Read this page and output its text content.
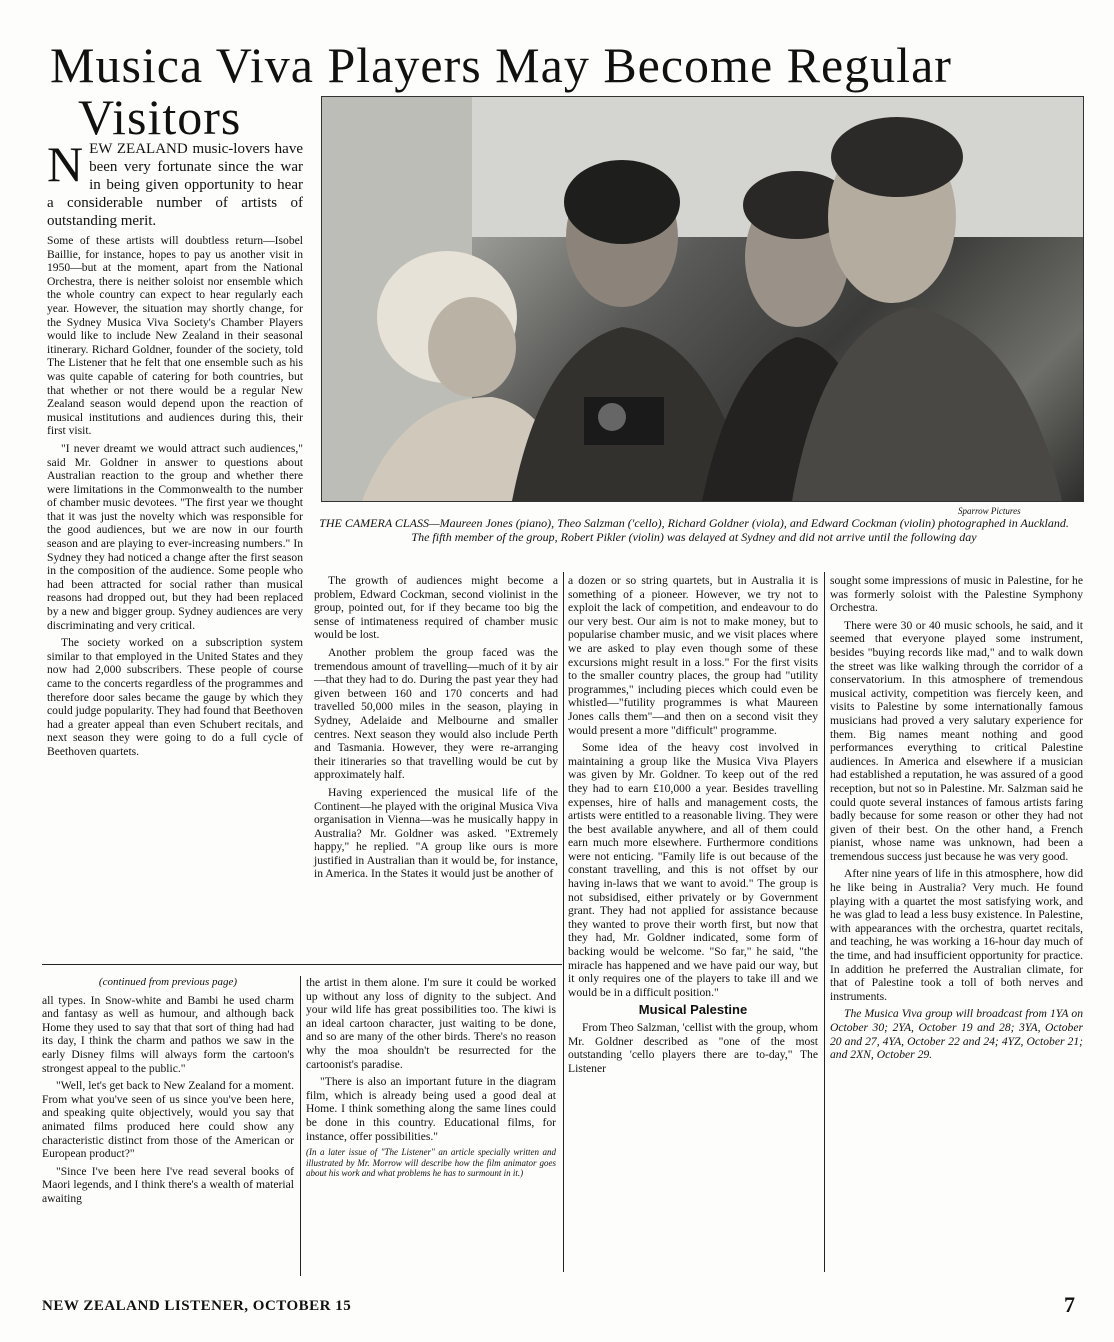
Musica Viva Players May Become Regular
Visitors
Sparrow Pictures
THE CAMERA CLASS—Maureen Jones (piano), Theo Salzman ('cello), Richard Goldner (viola), and Edward Cockman (violin) photographed in Auckland. The fifth member of the group, Robert Pikler (violin) was delayed at Sydney and did not arrive until the following day

NEW ZEALAND music-lovers have been very fortunate since the war in being given opportunity to hear a considerable number of artists of outstanding merit.

Some of these artists will doubtless return—Isobel Baillie, for instance, hopes to pay us another visit in 1950—but at the moment, apart from the National Orchestra, there is neither soloist nor ensemble which the whole country can expect to hear regularly each year. However, the situation may shortly change, for the Sydney Musica Viva Society's Chamber Players would like to include New Zealand in their seasonal itinerary. Richard Goldner, founder of the society, told The Listener that he felt that one ensemble such as his was quite capable of catering for both countries, but that whether or not there would be a regular New Zealand season would depend upon the reaction of musical institutions and audiences during this, their first visit.

"I never dreamt we would attract such audiences," said Mr. Goldner in answer to questions about Australian reaction to the group and whether there were limitations in the Commonwealth to the number of chamber music devotees. "The first year we thought that it was just the novelty which was responsible for the good audiences, but we are now in our fourth season and are playing to ever-increasing numbers." In Sydney they had noticed a change after the first season in the composition of the audience. Some people who had been attracted for social rather than musical reasons had dropped out, but they had been replaced by a new and bigger group. Sydney audiences are very discriminating and very critical.

The society worked on a subscription system similar to that employed in the United States and they now had 2,000 subscribers. These people of course came to the concerts regardless of the programmes and therefore door sales became the gauge by which they could judge popularity. They had found that Beethoven had a greater appeal than even Schubert recitals, and next season they were going to do a full cycle of Beethoven quartets.

The growth of audiences might become a problem, Edward Cockman, second violinist in the group, pointed out, for if they became too big the sense of intimateness required of chamber music would be lost.

Another problem the group faced was the tremendous amount of travelling—much of it by air—that they had to do. During the past year they had given between 160 and 170 concerts and had travelled 50,000 miles in the season, playing in Sydney, Adelaide and Melbourne and smaller centres. Next season they would also include Perth and Tasmania. However, they were re-arranging their itineraries so that travelling would be cut by approximately half.

Having experienced the musical life of the Continent—he played with the original Musica Viva organisation in Vienna—was he musically happy in Australia? Mr. Goldner was asked. "Extremely happy," he replied. "A group like ours is more justified in Australian than it would be, for instance, in America. In the States it would just be another of

a dozen or so string quartets, but in Australia it is something of a pioneer. However, we try not to exploit the lack of competition, and endeavour to do our very best. Our aim is not to make money, but to popularise chamber music, and we visit places where we are asked to play even though some of these excursions might result in a loss." For the first visits to the smaller country places, the group had "utility programmes," including pieces which could even be whistled—"futility programmes is what Maureen Jones calls them"—and then on a second visit they would present a more "difficult" programme.

Some idea of the heavy cost involved in maintaining a group like the Musica Viva Players was given by Mr. Goldner. To keep out of the red they had to earn £10,000 a year. Besides travelling expenses, hire of halls and management costs, the artists were entitled to a reasonable living. They were the best available anywhere, and all of them could earn much more elsewhere. Furthermore conditions were not enticing. "Family life is out because of the constant travelling, and this is not offset by our having in-laws that we want to avoid." The group is not subsidised, either privately or by Government grant. They had not applied for assistance because they wanted to prove their worth first, but now that they had, Mr. Goldner indicated, some form of backing would be welcome. "So far," he said, "the miracle has happened and we have paid our way, but it only requires one of the players to take ill and we would be in a difficult position."

Musical Palestine

From Theo Salzman, 'cellist with the group, whom Mr. Goldner described as "one of the most outstanding 'cello players there are to-day," The Listener

sought some impressions of music in Palestine, for he was formerly soloist with the Palestine Symphony Orchestra.

There were 30 or 40 music schools, he said, and it seemed that everyone played some instrument, besides "buying records like mad," and to walk down the street was like walking through the corridor of a conservatorium. In this atmosphere of tremendous musical activity, competition was fiercely keen, and visits to Palestine by some internationally famous musicians had proved a very salutary experience for them. Big names meant nothing and good performances everything to critical Palestine audiences. In America and elsewhere if a musician had established a reputation, he was assured of a good reception, but not so in Palestine. Mr. Salzman said he could quote several instances of famous artists faring badly because for some reason or other they had not given of their best. On the other hand, a French pianist, whose name was unknown, had been a tremendous success just because he was very good.

After nine years of life in this atmosphere, how did he like being in Australia? Very much. He found playing with a quartet the most satisfying work, and he was glad to lead a less busy existence. In Palestine, with appearances with the orchestra, quartet recitals, and teaching, he was working a 16-hour day much of the time, and had insufficient opportunity for practice. In addition he preferred the Australian climate, for that of Palestine took a toll of both nerves and instruments.

The Musica Viva group will broadcast from 1YA on October 30; 2YA, October 19 and 28; 3YA, October 20 and 27, 4YA, October 22 and 24; 4YZ, October 21; and 2XN, October 29.

(continued from previous page)

all types. In Snow-white and Bambi he used charm and fantasy as well as humour, and although back Home they used to say that that sort of thing had had its day, I think the charm and pathos we saw in the early Disney films will always form the cartoon's strongest appeal to the public."

"Well, let's get back to New Zealand for a moment. From what you've seen of us since you've been here, and speaking quite objectively, would you say that animated films produced here could show any characteristic distinct from those of the American or European product?"

"Since I've been here I've read several books of Maori legends, and I think there's a wealth of material awaiting

the artist in them alone. I'm sure it could be worked up without any loss of dignity to the subject. And your wild life has great possibilities too. The kiwi is an ideal cartoon character, just waiting to be done, and so are many of the other birds. There's no reason why the moa shouldn't be resurrected for the cartoonist's paradise.

"There is also an important future in the diagram film, which is already being used a good deal at Home. I think something along the same lines could be done in this country. Educational films, for instance, offer possibilities."

(In a later issue of "The Listener" an article specially written and illustrated by Mr. Morrow will describe how the film animator goes about his work and what problems he has to surmount in it.)

NEW ZEALAND LISTENER, OCTOBER 15	7
